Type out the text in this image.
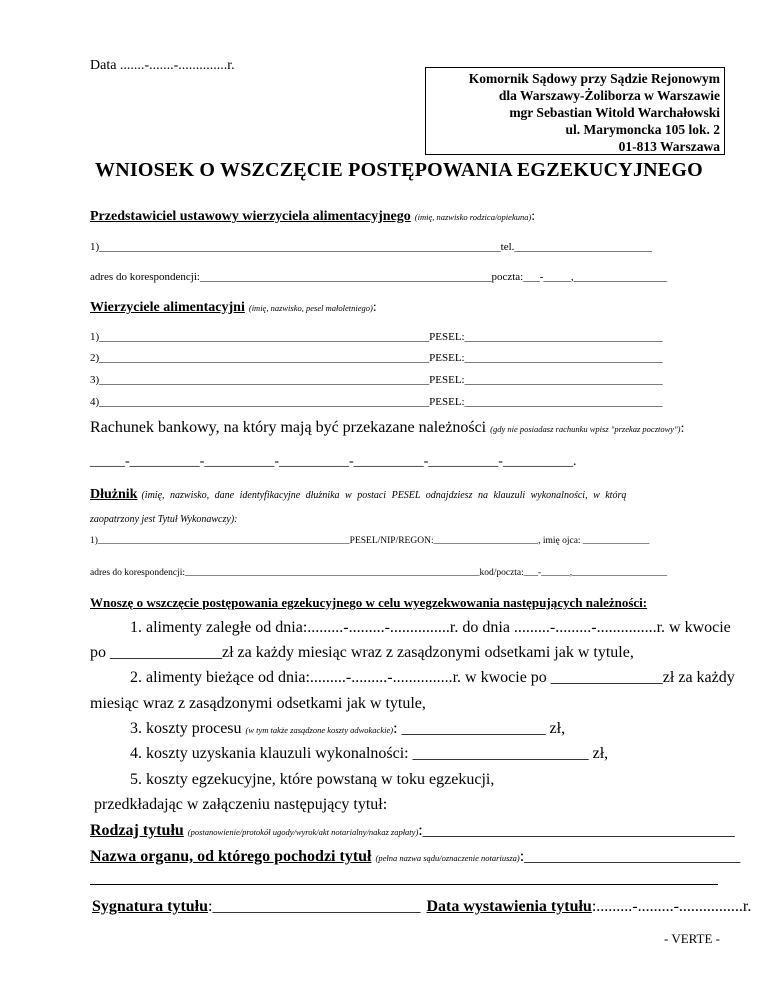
Data .......-.......-..............r.
Komornik Sądowy przy Sądzie Rejonowym
dla Warszawy-Żoliborza w Warszawie
mgr Sebastian Witold Warchałowski
ul. Marymoncka 105 lok. 2
01-813 Warszawa
WNIOSEK O WSZCZĘCIE POSTĘPOWANIA EGZEKUCYJNEGO
Przedstawiciel ustawowy wierzyciela alimentacyjnego (imię, nazwisko rodzica/opiekuna):
1)_________________________________________________________________________tel._________________________
adres do korespondencji:_____________________________________________________poczta:___-_____,_________________
Wierzyciele alimentacyjni (imię, nazwisko, pesel małoletniego):
1)____________________________________________________________PESEL:____________________________________
2)____________________________________________________________PESEL:____________________________________
3)____________________________________________________________PESEL:____________________________________
4)____________________________________________________________PESEL:____________________________________
Rachunek bankowy, na który mają być przekazane należności (gdy nie posiadasz rachunku wpisz "przekaz pocztowy"):
_____-__________-__________-__________-__________-__________-__________.
Dłużnik (imię, nazwisko, dane identyfikacyjne dłużnika w postaci PESEL odnajdziesz na klauzuli wykonalności, w którą
zaopatrzony jest Tytuł Wykonawczy):
1)_____________________________________________________PESEL/NIP/REGON:______________________, imię ojca: ______________
adres do korespondencji:______________________________________________________________kod/poczta:___-______,____________________
Wnoszę o wszczęcie postępowania egzekucyjnego w celu wyegzekwowania następujących należności:
1. alimenty zaległe od dnia:.........-.........-...............r. do dnia .........-.........-...............r. w kwocie
po ______________zł za każdy miesiąc wraz z zasądzonymi odsetkami jak w tytule,
2. alimenty bieżące od dnia:.........-.........-...............r. w kwocie po ______________zł za każdy
miesiąc wraz z zasądzonymi odsetkami jak w tytule,
3. koszty procesu (w tym także zasądzone koszty adwokackie): __________________ zł,
4. koszty uzyskania klauzuli wykonalności: ______________________ zł,
5. koszty egzekucyjne, które powstaną w toku egzekucji,
przedkładając w załączeniu następujący tytuł:
Rodzaj tytułu (postanowienie/protokół ugody/wyrok/akt notarialny/nakaz zapłaty):_______________________________________
Nazwa organu, od którego pochodzi tytuł (pełna nazwa sądu/oznaczenie notariusza):___________________________
Sygnatura tytułu:__________________________ Data wystawienia tytułu:.........-.........-................r.
- VERTE -
